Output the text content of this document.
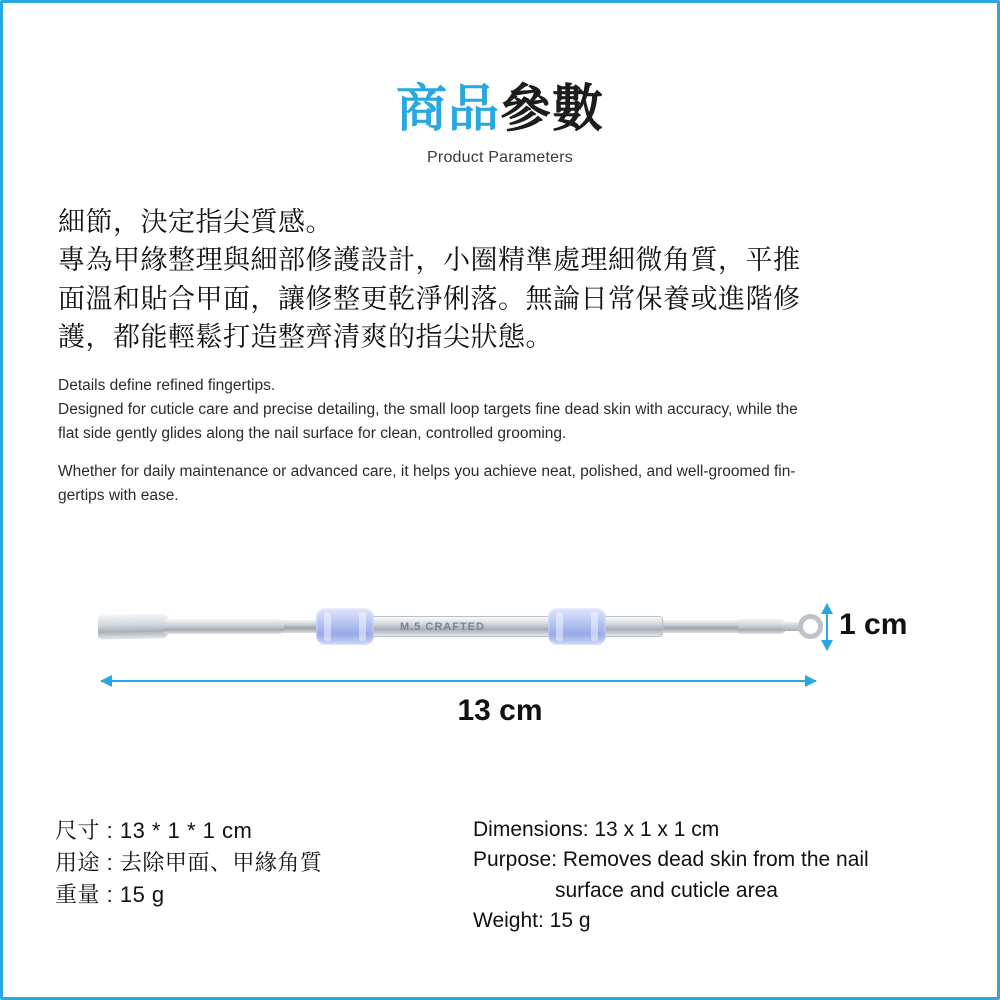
商品參數
Product Parameters
細節，決定指尖質感。
專為甲緣整理與細部修護設計，小圈精準處理細微角質，平推
面溫和貼合甲面，讓修整更乾淨俐落。無論日常保養或進階修
護，都能輕鬆打造整齊清爽的指尖狀態。
Details define refined fingertips.
Designed for cuticle care and precise detailing, the small loop targets fine dead skin with accuracy, while the
flat side gently glides along the nail surface for clean, controlled grooming.
Whether for daily maintenance or advanced care, it helps you achieve neat, polished, and well-groomed fin-
gertips with ease.
M.5 CRAFTED
13 cm
1 cm
尺寸 : 13 * 1 * 1 cm
用途 : 去除甲面、甲緣角質
重量 : 15 g
Dimensions: 13 x 1 x 1 cm
Purpose: Removes dead skin from the nail
surface and cuticle area
Weight: 15 g
